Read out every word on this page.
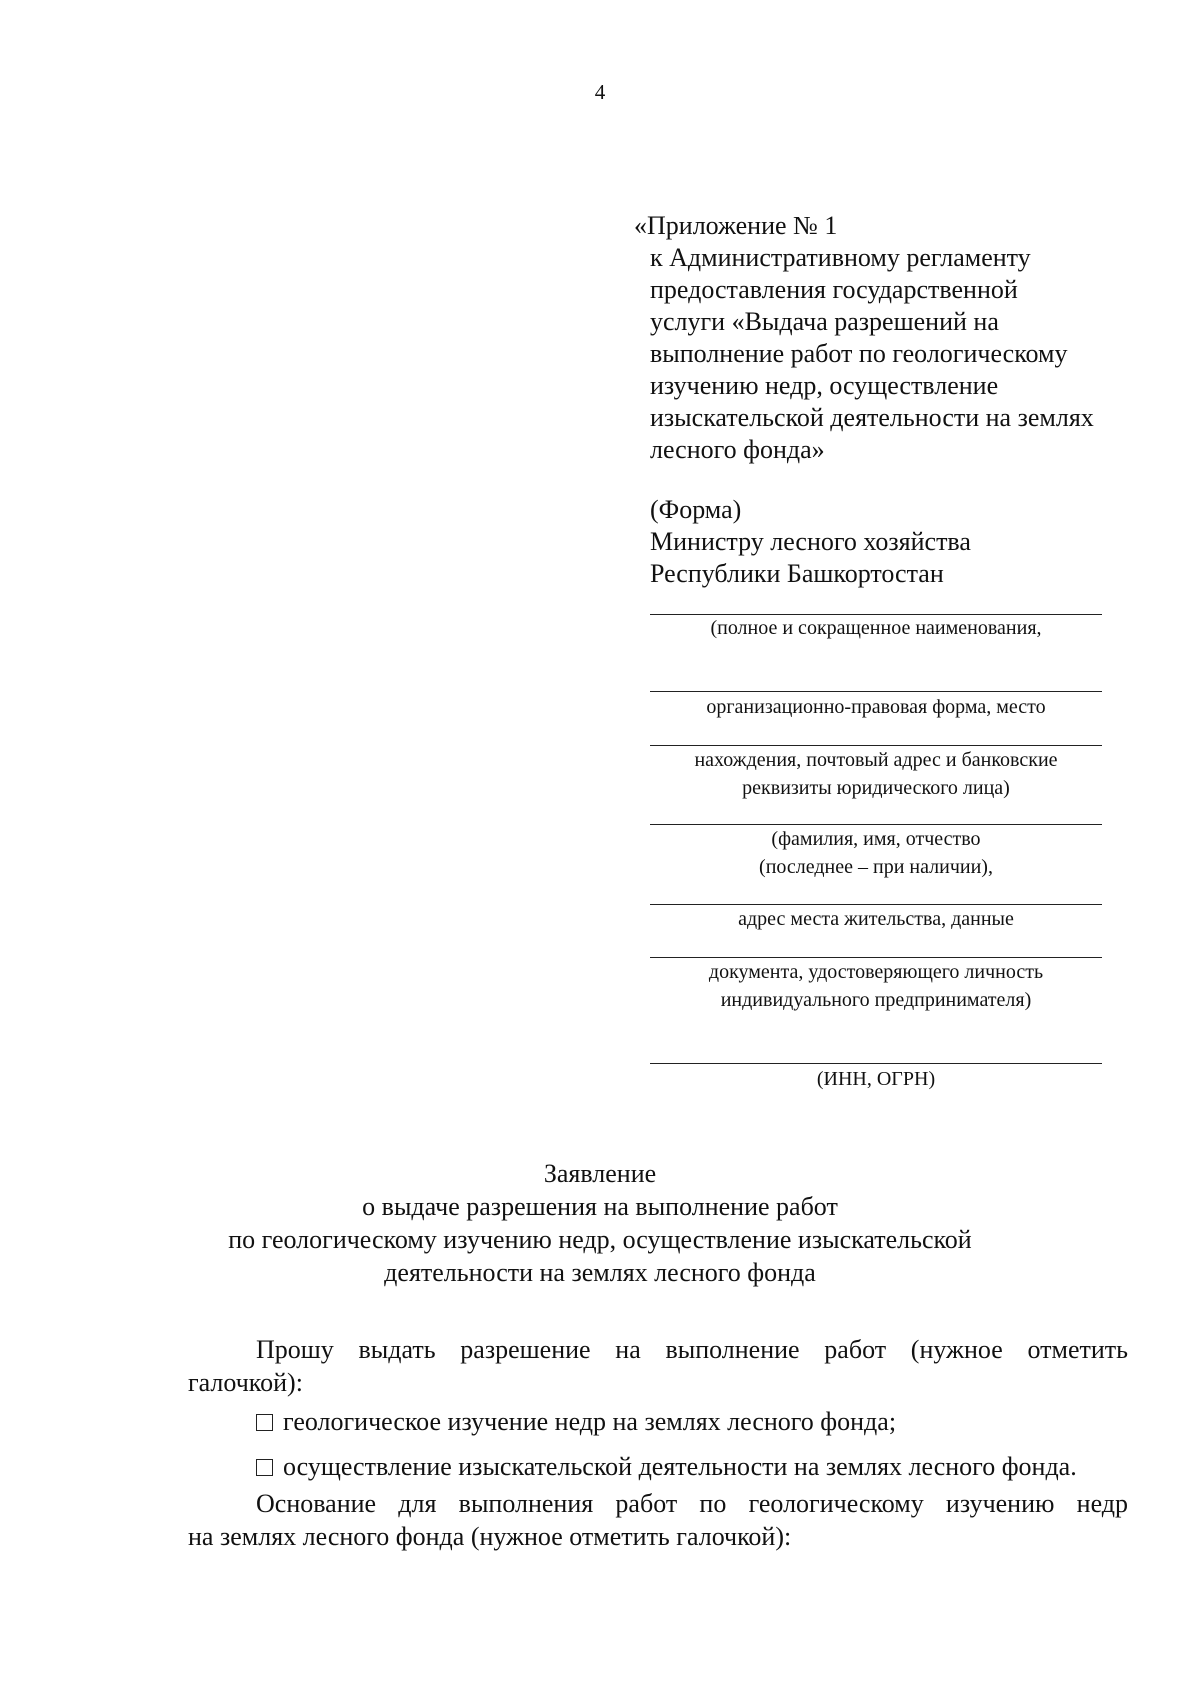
4
«Приложение № 1
к Административному регламенту
предоставления государственной
услуги «Выдача разрешений на
выполнение работ по геологическому
изучению недр, осуществление
изыскательской деятельности на землях
лесного фонда»
(Форма)
Министру лесного хозяйства
Республики Башкортостан
(полное и сокращенное наименования,
организационно-правовая форма, место
нахождения, почтовый адрес и банковские
реквизиты юридического лица)
(фамилия, имя, отчество
(последнее – при наличии),
адрес места жительства, данные
документа, удостоверяющего личность
индивидуального предпринимателя)
(ИНН, ОГРН)
Заявление
о выдаче разрешения на выполнение работ
по геологическому изучению недр, осуществление изыскательской
деятельности на землях лесного фонда
Прошу выдать разрешение на выполнение работ (нужное отметить
галочкой):
геологическое изучение недр на землях лесного фонда;
осуществление изыскательской деятельности на землях лесного фонда.
Основание для выполнения работ по геологическому изучению недр
на землях лесного фонда (нужное отметить галочкой):
